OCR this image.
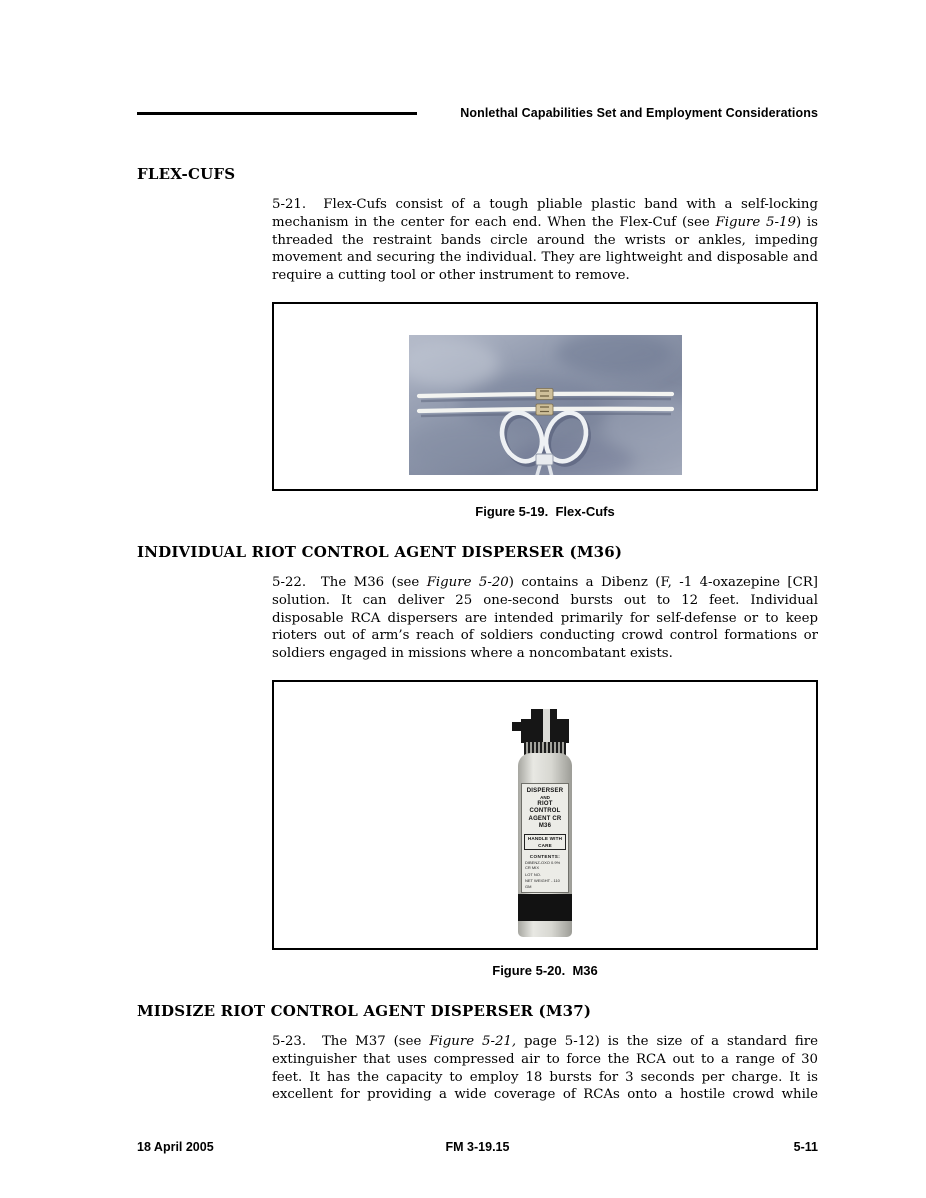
Nonlethal Capabilities Set and Employment Considerations
FLEX-CUFS

5-21.  Flex-Cufs consist of a tough pliable plastic band with a self-locking mechanism in the center for each end. When the Flex-Cuf (see Figure 5-19) is threaded the restraint bands circle around the wrists or ankles, impeding movement and securing the individual. They are lightweight and disposable and require a cutting tool or other instrument to remove.

Figure 5-19.  Flex-Cufs
INDIVIDUAL RIOT CONTROL AGENT DISPERSER (M36)

5-22.  The M36 (see Figure 5-20) contains a Dibenz (F, -1 4-oxazepine [CR] solution. It can deliver 25 one-second bursts out to 12 feet. Individual disposable RCA dispersers are intended primarily for self-defense or to keep rioters out of arm’s reach of soldiers conducting crowd control formations or soldiers engaged in missions where a noncombatant exists.

DISPERSER
AND
RIOT CONTROL
AGENT CR
M36
HANDLE WITH CARE
CONTENTS:
DIBENZ-OXO 0.9% CR MIX
LOT NO.
NET WEIGHT - 110 GM
Figure 5-20.  M36
MIDSIZE RIOT CONTROL AGENT DISPERSER (M37)

5-23.  The M37 (see Figure 5-21, page 5-12) is the size of a standard fire extinguisher that uses compressed air to force the RCA out to a range of 30 feet. It has the capacity to employ 18 bursts for 3 seconds per charge. It is excellent for providing a wide coverage of RCAs onto a hostile crowd while

18 April 2005	FM 3-19.15	5-11
